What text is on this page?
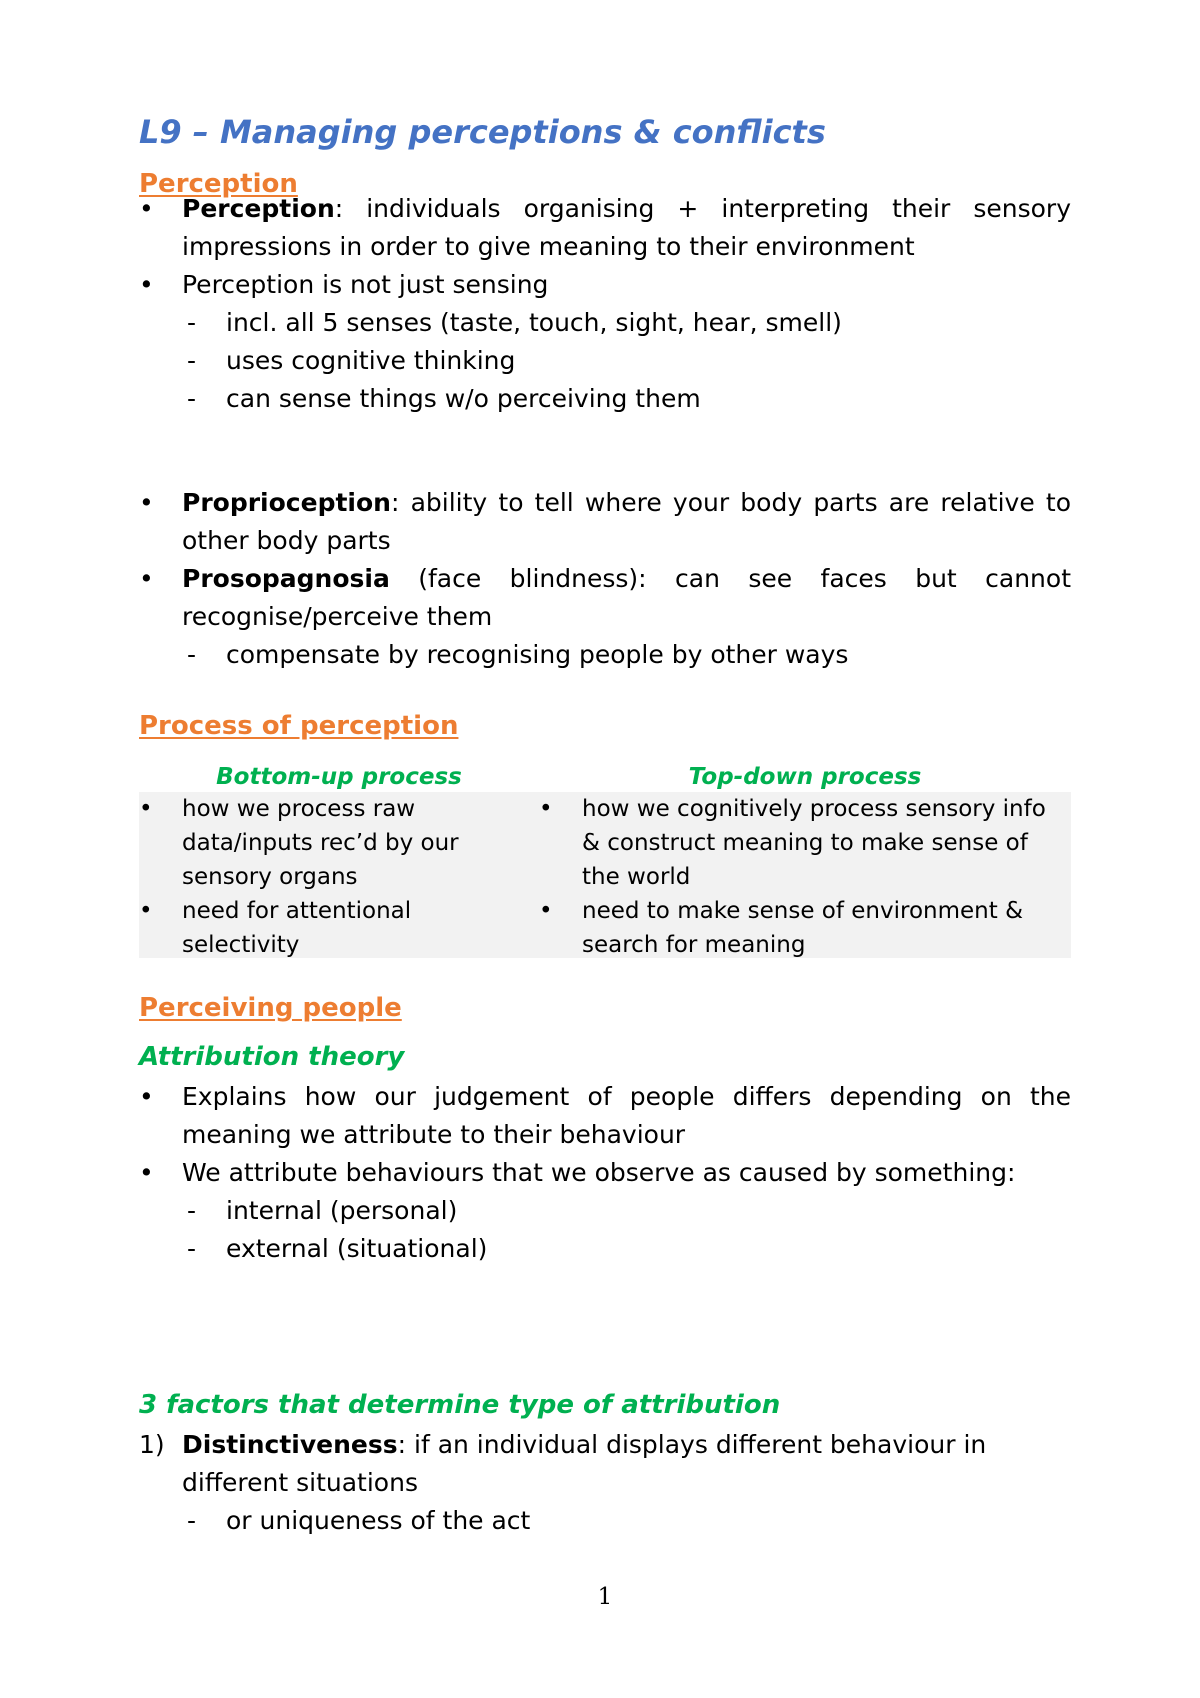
L9 – Managing perceptions & conflicts
Perception
• Perception: individuals organising + interpreting their sensory impressions in order to give meaning to their environment
• Perception is not just sensing
- incl. all 5 senses (taste, touch, sight, hear, smell)
- uses cognitive thinking
- can sense things w/o perceiving them
• Proprioception: ability to tell where your body parts are relative to other body parts
• Prosopagnosia (face blindness): can see faces but cannot recognise/perceive them
- compensate by recognising people by other ways
Process of perception
Bottom-up process	Top-down process
• how we process raw data/inputs rec’d by our sensory organs
• need for attentional selectivity
• how we cognitively process sensory info & construct meaning to make sense of the world
• need to make sense of environment & search for meaning
Perceiving people
Attribution theory
• Explains how our judgement of people differs depending on the meaning we attribute to their behaviour
• We attribute behaviours that we observe as caused by something:
- internal (personal)
- external (situational)
3 factors that determine type of attribution
1) Distinctiveness: if an individual displays different behaviour in different situations
- or uniqueness of the act
1
